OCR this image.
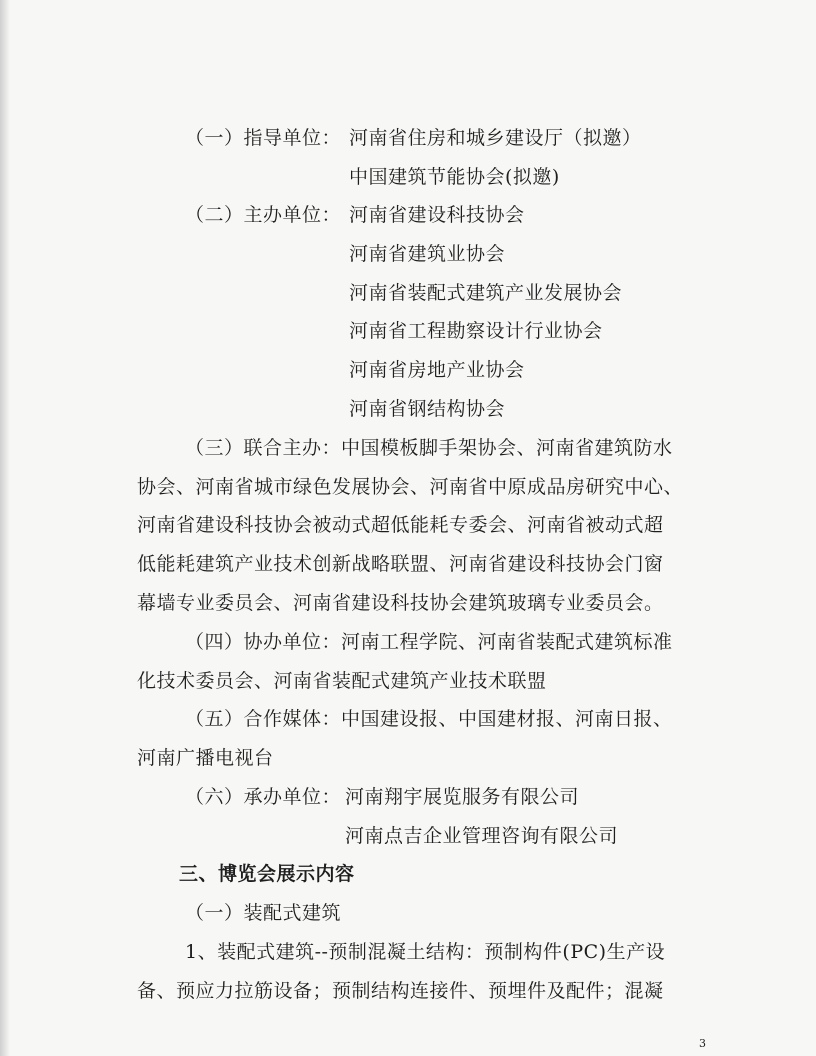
（一）指导单位： 河南省住房和城乡建设厅（拟邀）
中国建筑节能协会(拟邀)
（二）主办单位： 河南省建设科技协会
河南省建筑业协会
河南省装配式建筑产业发展协会
河南省工程勘察设计行业协会
河南省房地产业协会
河南省钢结构协会
（三）联合主办：中国模板脚手架协会、河南省建筑防水
协会、河南省城市绿色发展协会、河南省中原成品房研究中心、
河南省建设科技协会被动式超低能耗专委会、河南省被动式超
低能耗建筑产业技术创新战略联盟、河南省建设科技协会门窗
幕墙专业委员会、河南省建设科技协会建筑玻璃专业委员会。
（四）协办单位：河南工程学院、河南省装配式建筑标准
化技术委员会、河南省装配式建筑产业技术联盟
（五）合作媒体：中国建设报、中国建材报、河南日报、
河南广播电视台
（六）承办单位： 河南翔宇展览服务有限公司
河南点吉企业管理咨询有限公司
三、博览会展示内容
（一）装配式建筑
1、装配式建筑--预制混凝土结构：预制构件(PC)生产设
备、预应力拉筋设备；预制结构连接件、预埋件及配件；混凝
3
